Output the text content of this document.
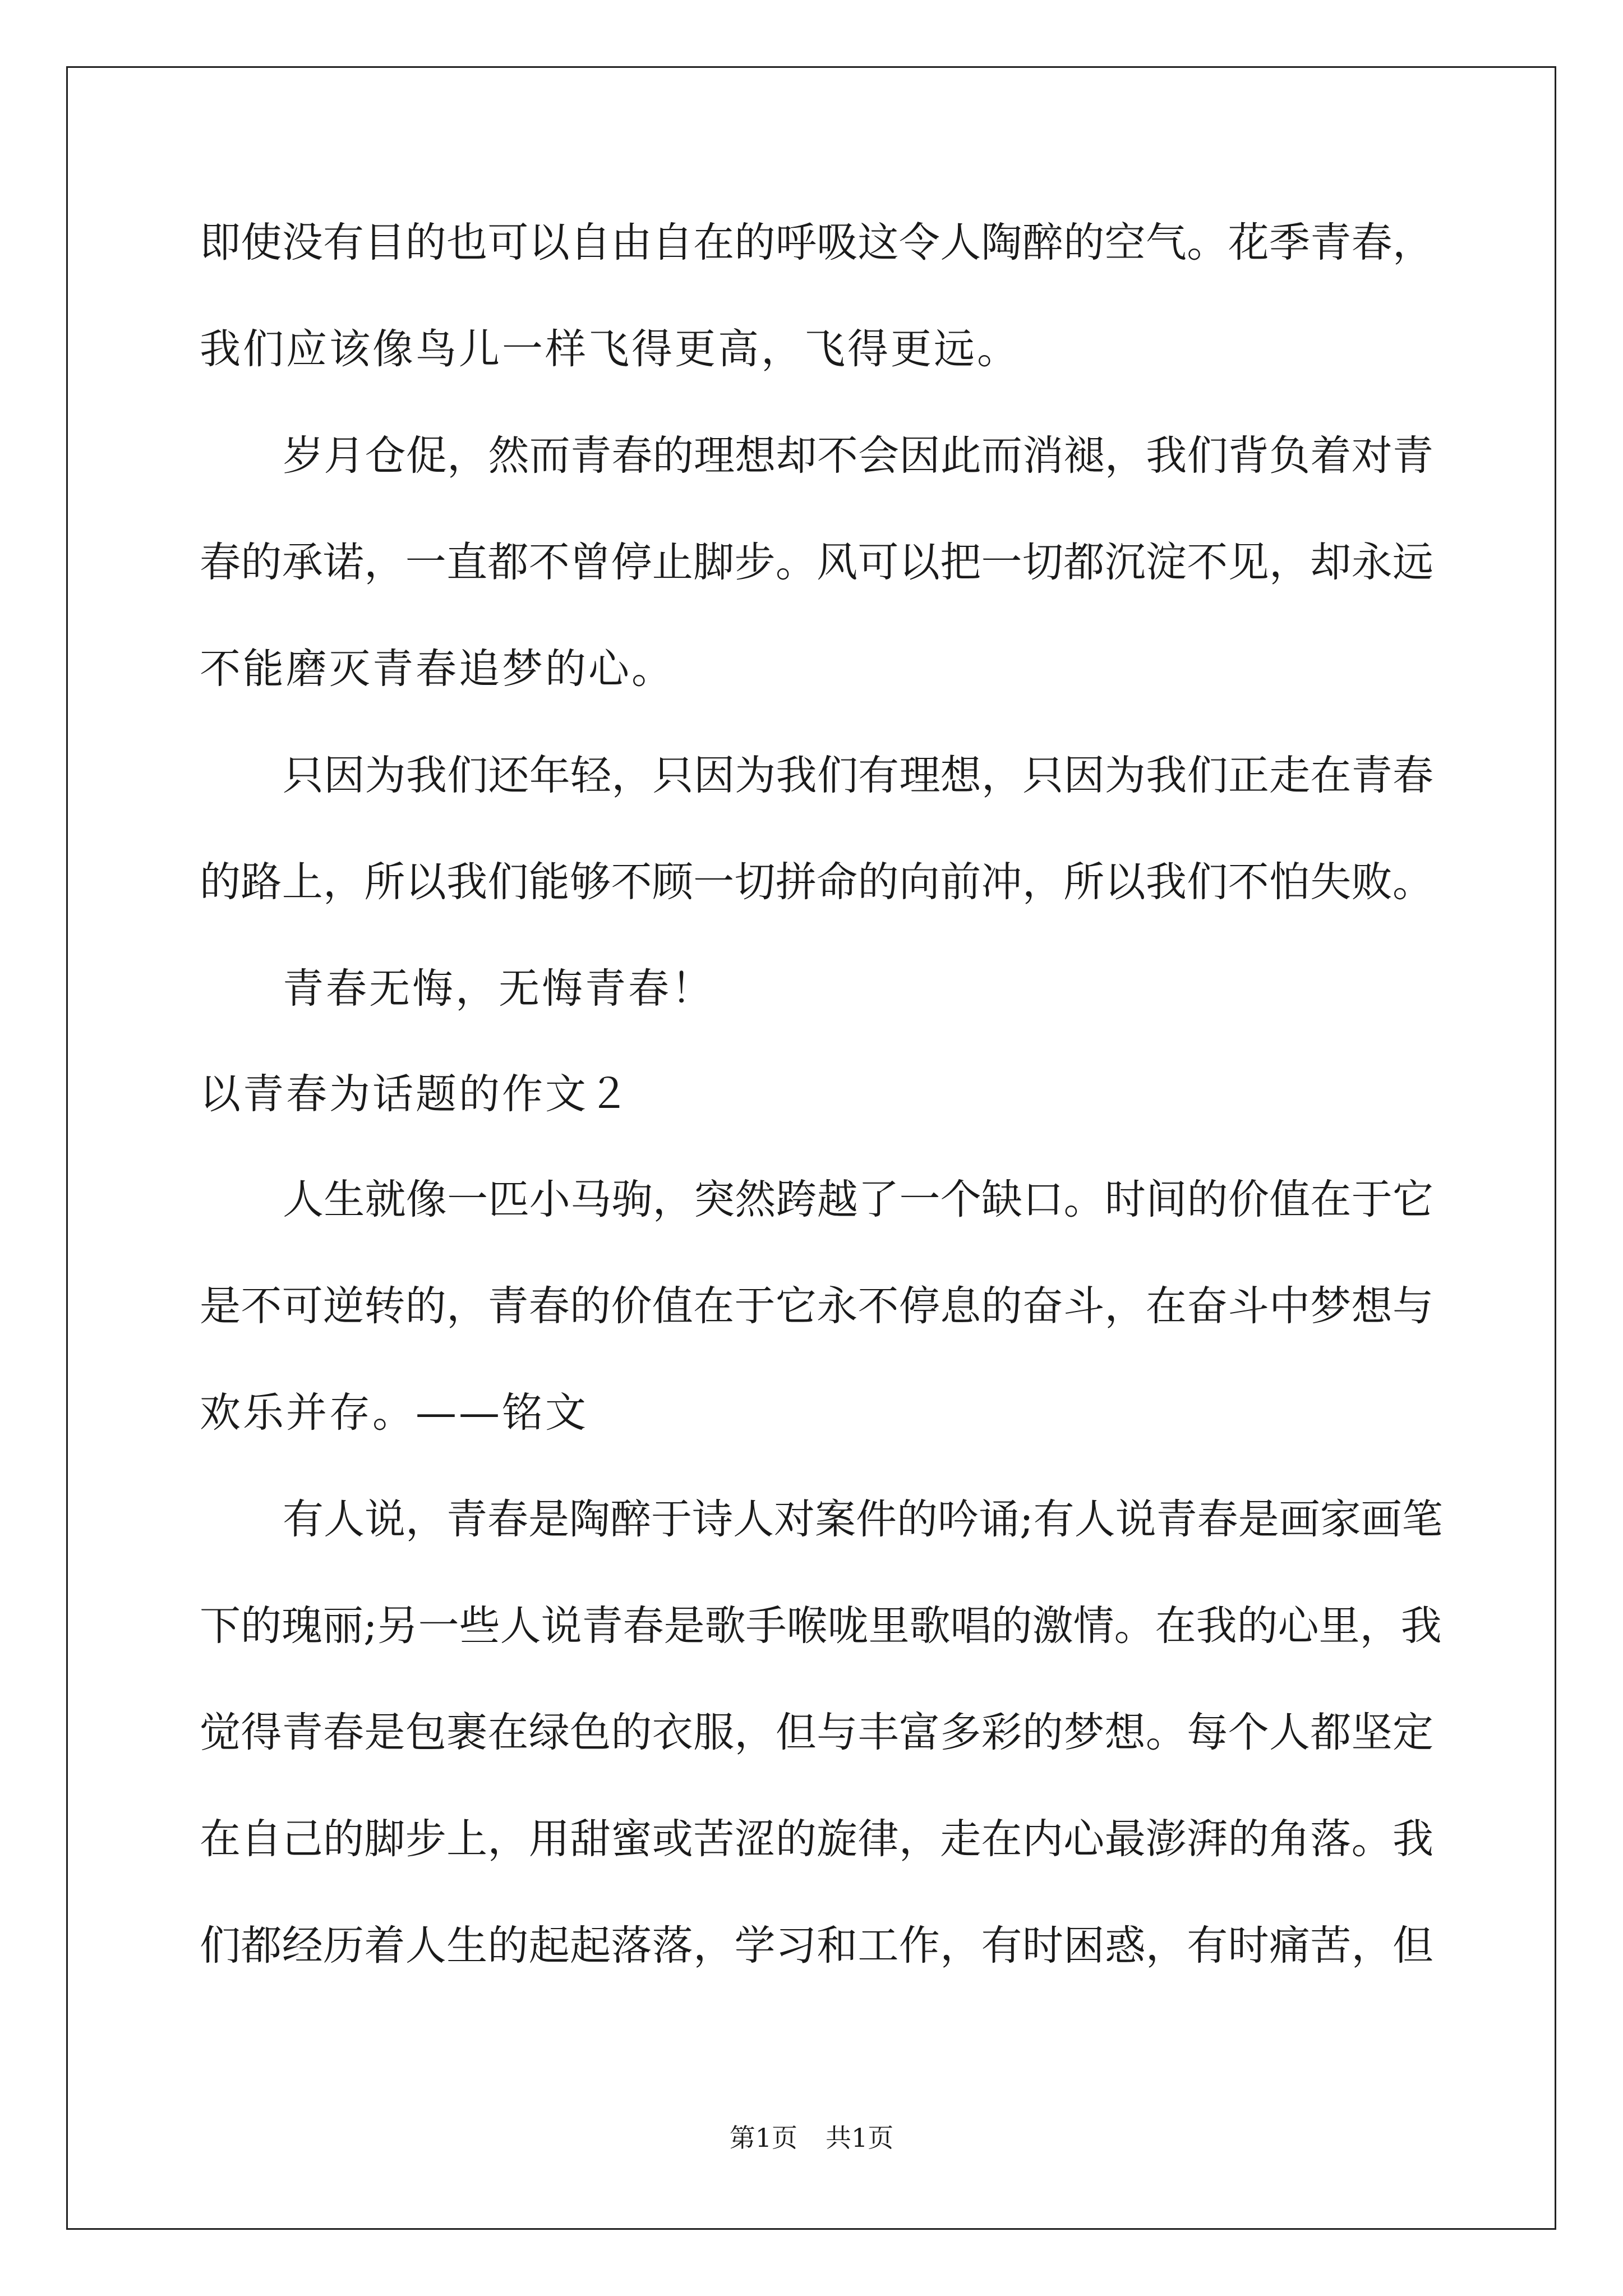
即使没有目的也可以自由自在的呼吸这令人陶醉的空气。花季青春，

我们应该像鸟儿一样飞得更高，飞得更远。

岁月仓促，然而青春的理想却不会因此而消褪，我们背负着对青

春的承诺，一直都不曾停止脚步。风可以把一切都沉淀不见，却永远

不能磨灭青春追梦的心。

只因为我们还年轻，只因为我们有理想，只因为我们正走在青春

的路上，所以我们能够不顾一切拼命的向前冲，所以我们不怕失败。

青春无悔，无悔青春！

以青春为话题的作文２

人生就像一匹小马驹，突然跨越了一个缺口。时间的价值在于它

是不可逆转的，青春的价值在于它永不停息的奋斗，在奋斗中梦想与

欢乐并存。——铭文

有人说，青春是陶醉于诗人对案件的吟诵;有人说青春是画家画笔

下的瑰丽;另一些人说青春是歌手喉咙里歌唱的激情。在我的心里，我

觉得青春是包裹在绿色的衣服，但与丰富多彩的梦想。每个人都坚定

在自己的脚步上，用甜蜜或苦涩的旋律，走在内心最澎湃的角落。我

们都经历着人生的起起落落，学习和工作，有时困惑，有时痛苦，但

第1页 共1页
